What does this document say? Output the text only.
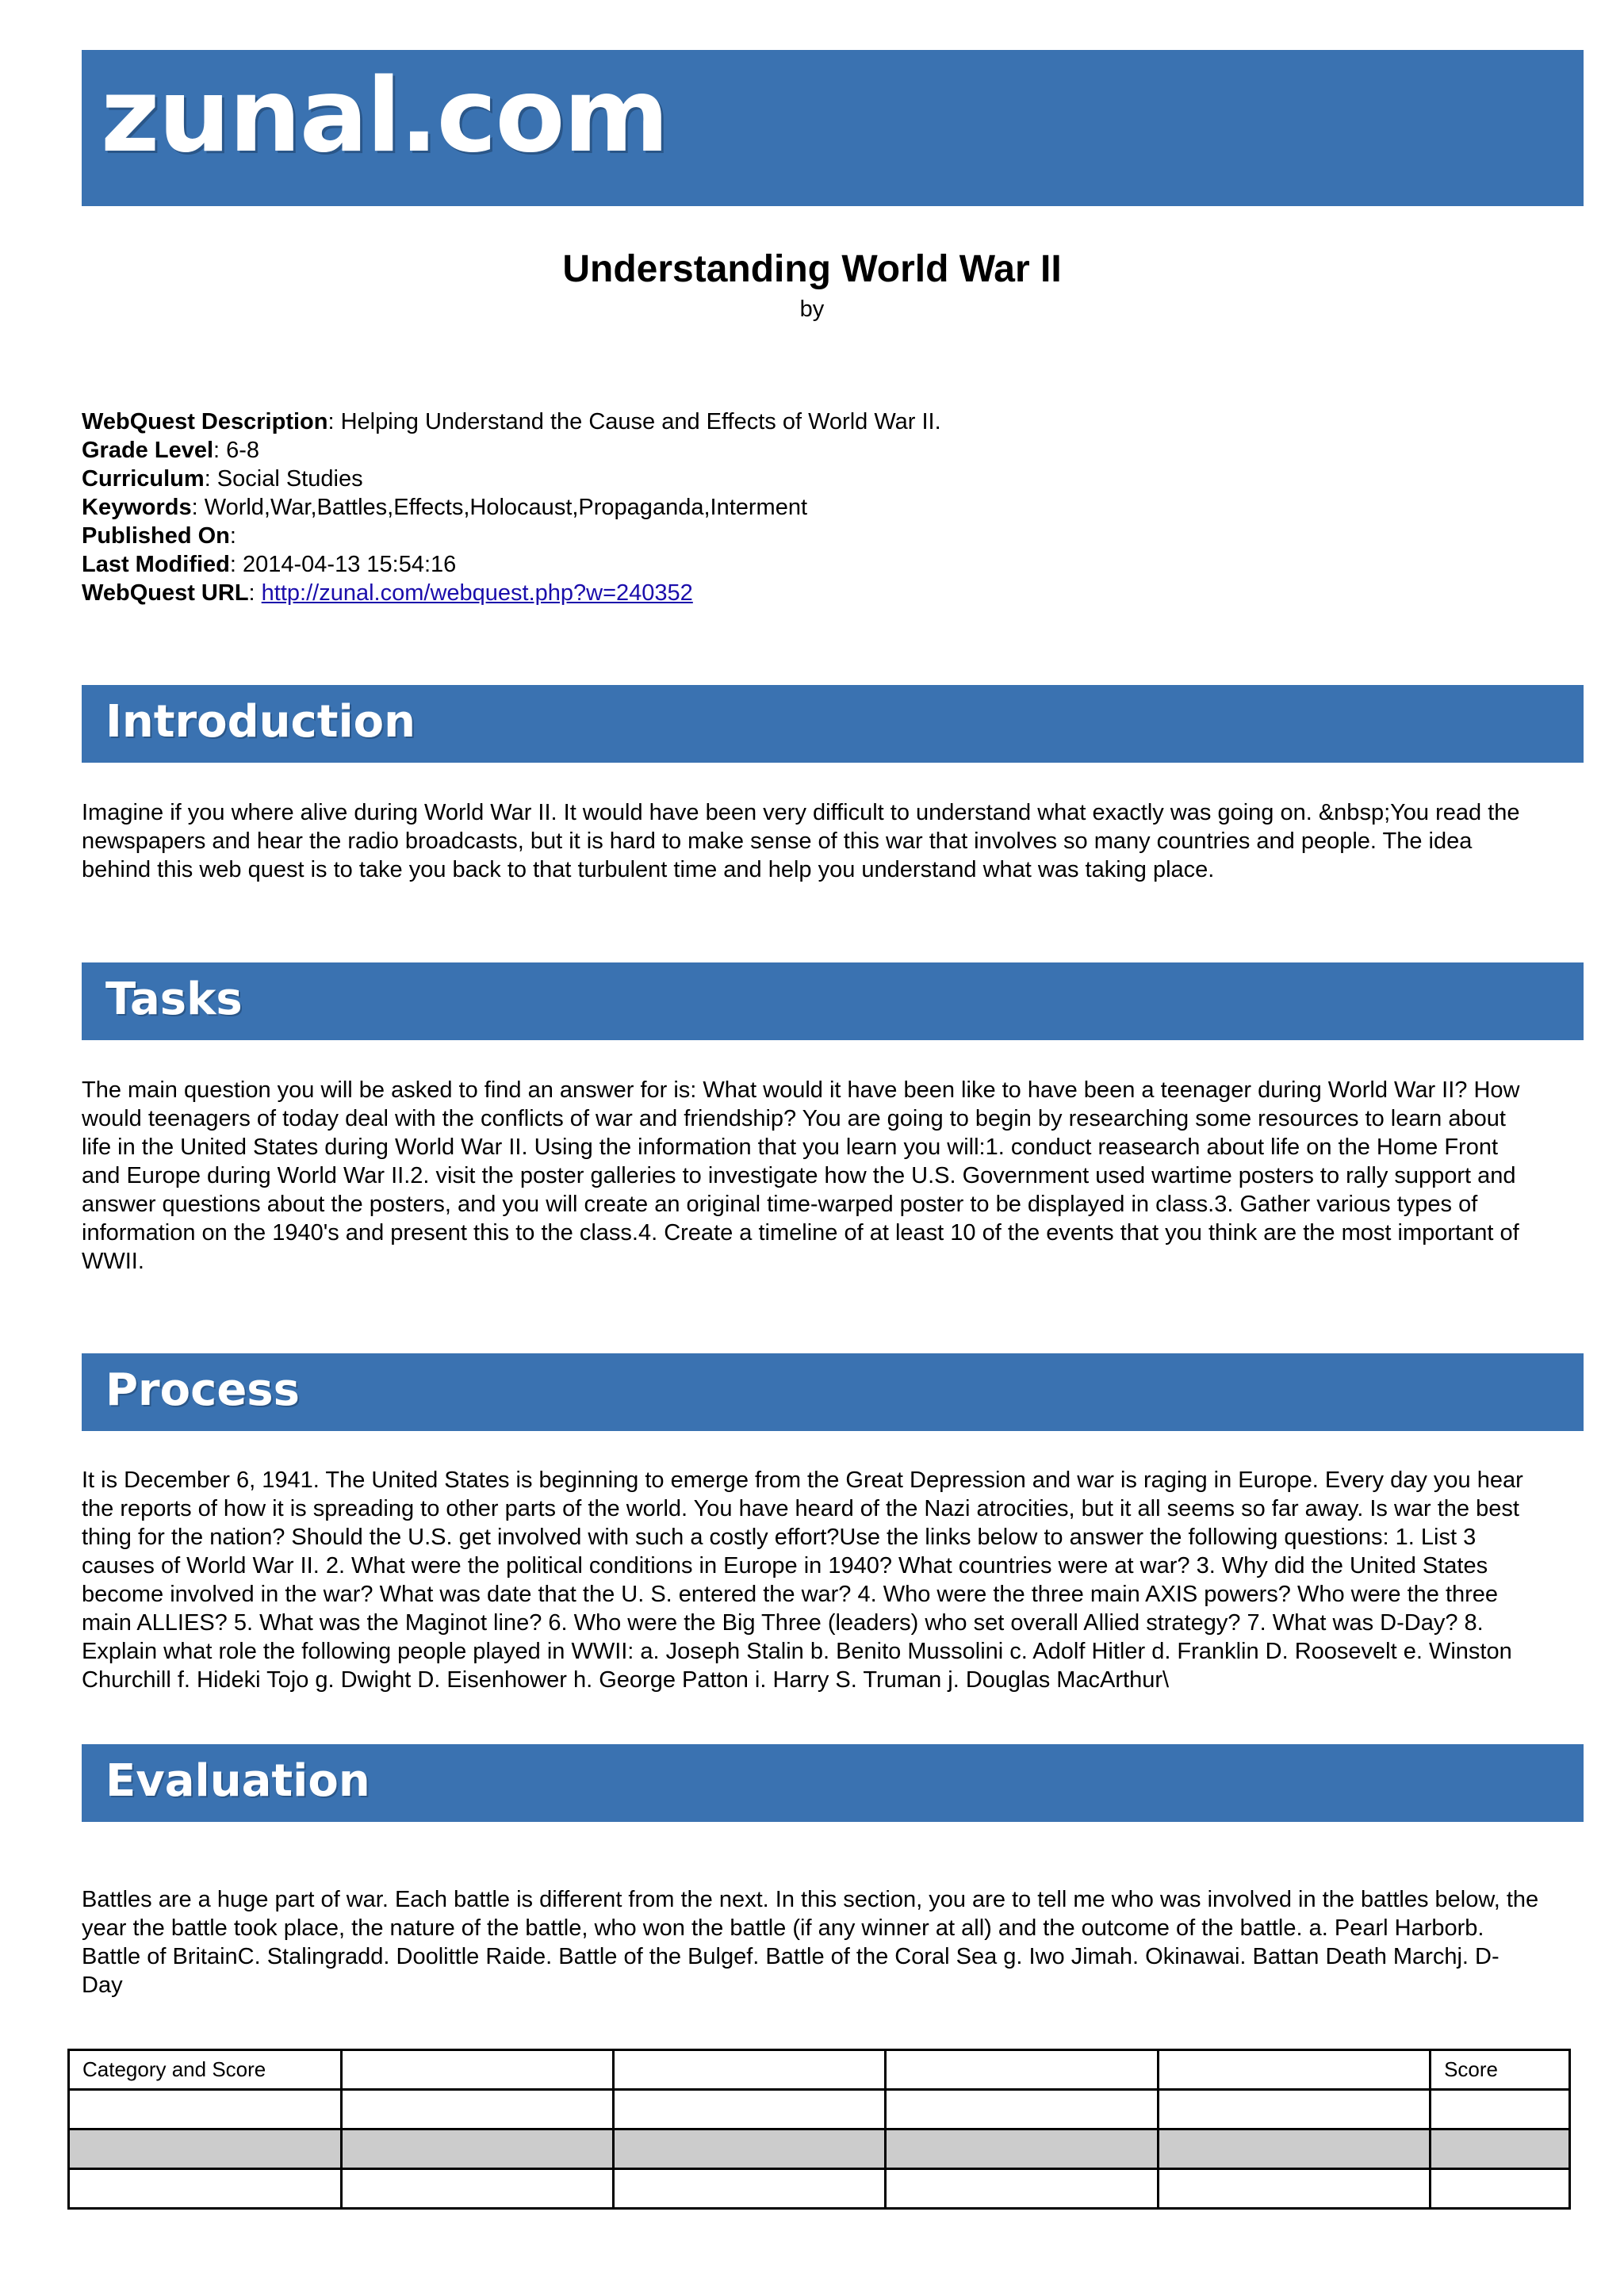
zunal.com
Understanding World War II
by
WebQuest Description: Helping Understand the Cause and Effects of World War II.
Grade Level: 6-8
Curriculum: Social Studies
Keywords: World,War,Battles,Effects,Holocaust,Propaganda,Interment
Published On:
Last Modified: 2014-04-13 15:54:16
WebQuest URL: http://zunal.com/webquest.php?w=240352
Introduction
Imagine if you where alive during World War II. It would have been very difficult to understand what exactly was going on. &nbsp;You read the newspapers and hear the radio broadcasts, but it is hard to make sense of this war that involves so many countries and people. The idea behind this web quest is to take you back to that turbulent time and help you understand what was taking place.
Tasks
The main question you will be asked to find an answer for is: What would it have been like to have been a teenager during World War II? How would teenagers of today deal with the conflicts of war and friendship? You are going to begin by researching some resources to learn about life in the United States during World War II. Using the information that you learn you will:1. conduct reasearch about life on the Home Front and Europe during World War II.2. visit the poster galleries to investigate how the U.S. Government used wartime posters to rally support and answer questions about the posters, and you will create an original time-warped poster to be displayed in class.3. Gather various types of information on the 1940's and present this to the class.4. Create a timeline of at least 10 of the events that you think are the most important of WWII.
Process
It is December 6, 1941. The United States is beginning to emerge from the Great Depression and war is raging in Europe. Every day you hear the reports of how it is spreading to other parts of the world. You have heard of the Nazi atrocities, but it all seems so far away. Is war the best thing for the nation? Should the U.S. get involved with such a costly effort?Use the links below to answer the following questions: 1. List 3 causes of World War II. 2. What were the political conditions in Europe in 1940? What countries were at war? 3. Why did the United States become involved in the war? What was date that the U. S. entered the war? 4. Who were the three main AXIS powers? Who were the three main ALLIES? 5. What was the Maginot line? 6. Who were the Big Three (leaders) who set overall Allied strategy? 7. What was D-Day? 8. Explain what role the following people played in WWII: a. Joseph Stalin b. Benito Mussolini c. Adolf Hitler d. Franklin D. Roosevelt e. Winston Churchill f. Hideki Tojo g. Dwight D. Eisenhower h. George Patton i. Harry S. Truman j. Douglas MacArthur\
Evaluation
Battles are a huge part of war. Each battle is different from the next. In this section, you are to tell me who was involved in the battles below, the year the battle took place, the nature of the battle, who won the battle (if any winner at all) and the outcome of the battle. a. Pearl Harborb. Battle of BritainC. Stalingradd. Doolittle Raide. Battle of the Bulgef. Battle of the Coral Sea g. Iwo Jimah. Okinawai. Battan Death Marchj. D- Day
Category and Score					Score
